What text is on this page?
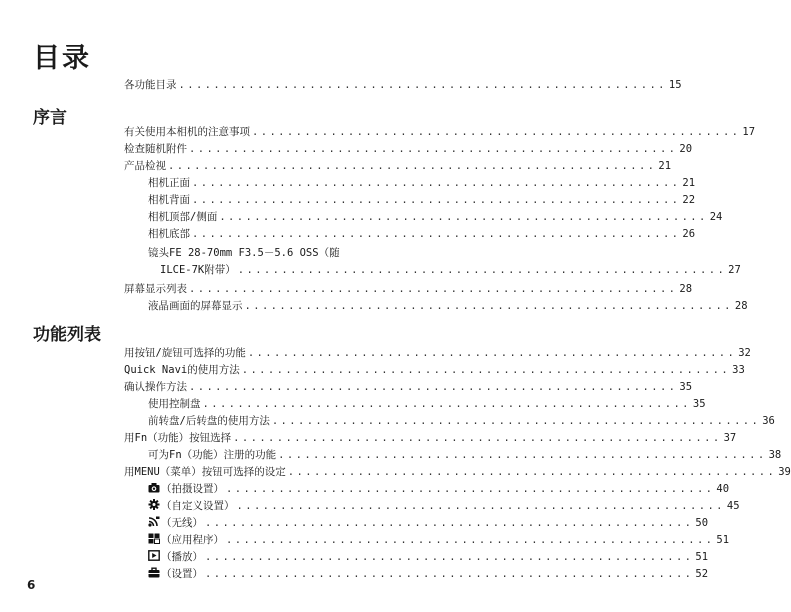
目录
各功能目录 ........................................................ 15
序言
有关使用本相机的注意事项 ........................................................ 17
检查随机附件 ........................................................ 20
产品检视 ........................................................ 21
相机正面 ........................................................ 21
相机背面 ........................................................ 22
相机顶部/侧面 ........................................................ 24
相机底部 ........................................................ 26
镜头FE 28-70mm F3.5－5.6 OSS（随
ILCE-7K附带） ........................................................ 27
屏幕显示列表 ........................................................ 28
液晶画面的屏幕显示 ........................................................ 28
功能列表
用按钮/旋钮可选择的功能 ........................................................ 32
Quick Navi的使用方法 ........................................................ 33
确认操作方法 ........................................................ 35
使用控制盘 ........................................................ 35
前转盘/后转盘的使用方法 ........................................................ 36
用Fn（功能）按钮选择 ........................................................ 37
可为Fn（功能）注册的功能 ........................................................ 38
用MENU（菜单）按钮可选择的设定 ........................................................ 39
（拍摄设置） ........................................................ 40
（自定义设置） ........................................................ 45
（无线） ........................................................ 50
（应用程序） ........................................................ 51
（播放） ........................................................ 51
（设置） ........................................................ 52
6
